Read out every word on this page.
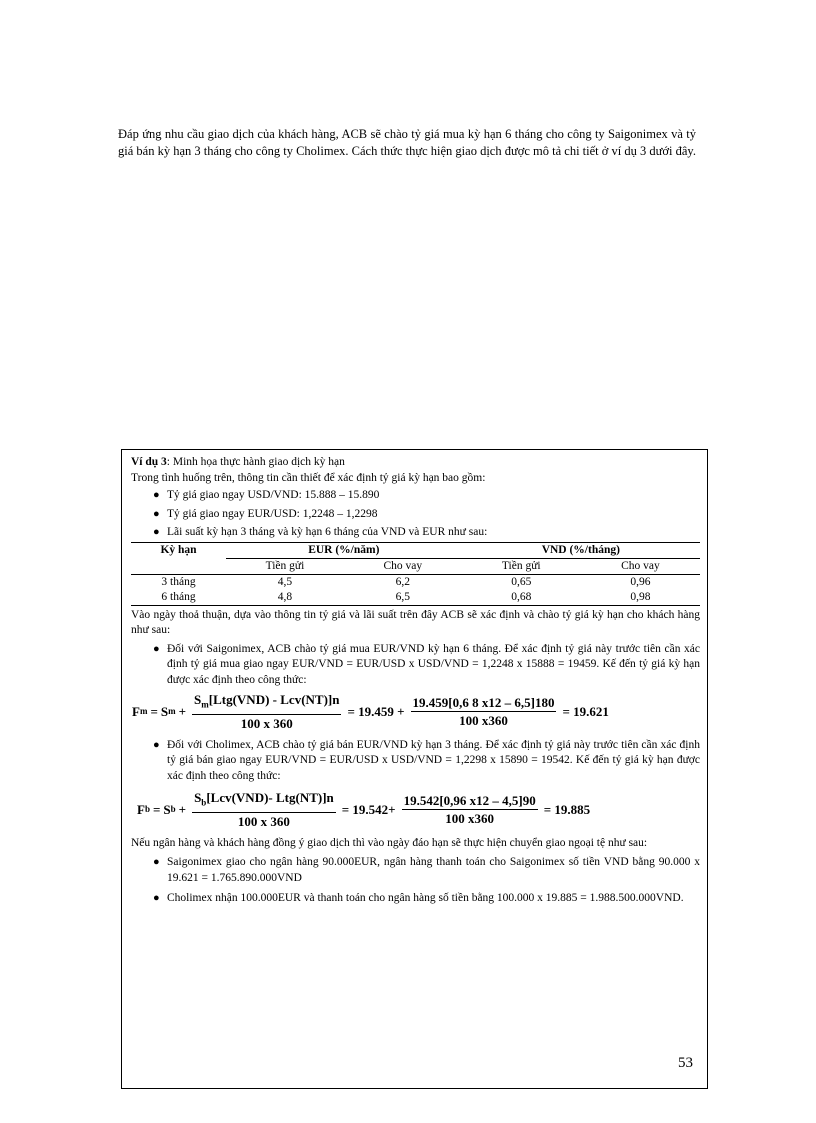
Đáp ứng nhu cầu giao dịch của khách hàng, ACB sẽ chào tỷ giá mua kỳ hạn 6 tháng cho công ty Saigonimex và tỷ giá bán kỳ hạn 3 tháng cho công ty Cholimex. Cách thức thực hiện giao dịch được mô tả chi tiết ở ví dụ 3 dưới đây.

Ví dụ 3: Minh họa thực hành giao dịch kỳ hạn

Trong tình huống trên, thông tin cần thiết để xác định tỷ giá kỳ hạn bao gồm:

● Tỷ giá giao ngay USD/VND: 15.888 – 15.890

● Tỷ giá giao ngay EUR/USD: 1,2248 – 1,2298

● Lãi suất kỳ hạn 3 tháng và kỳ hạn 6 tháng của VND và EUR như sau:

Kỳ hạn	EUR (%/năm)		VND (%/tháng)	
	Tiền gửi	Cho vay	Tiền gửi	Cho vay
3 tháng	4,5	6,2	0,65	0,96
6 tháng	4,8	6,5	0,68	0,98

Vào ngày thoả thuận, dựa vào thông tin tỷ giá và lãi suất trên đây ACB sẽ xác định và chào tỷ giá kỳ hạn cho khách hàng như sau:

● Đối với Saigonimex, ACB chào tỷ giá mua EUR/VND kỳ hạn 6 tháng. Để xác định tỷ giá này trước tiên cần xác định tỷ giá mua giao ngay EUR/VND = EUR/USD x USD/VND = 1,2248 x 15888 = 19459. Kế đến tỷ giá kỳ hạn được xác định theo công thức:

F m = S $m + \frac{S_m[Ltg(VND) - Lcv(NT)]n}{100 x 360} = 19.459 + \frac{19.459[0,6 8 x12 - 6,5]180}{100 x360} = 19.621$

● Đối với Cholimex, ACB chào tỷ giá bán EUR/VND kỳ hạn 3 tháng. Để xác định tỷ giá này trước tiên cần xác định tỷ giá bán giao ngay EUR/VND = EUR/USD x USD/VND = 1,2298 x 15890 = 19542. Kế đến tỷ giá kỳ hạn được xác định theo công thức:

F b = S $b + \frac{S_b[Lcv(VND)- Ltg(NT)]n}{100 x 360} = 19.542+ \frac{19.542[0,96 x12 - 4,5]90}{100 x360} = 19.885$

Nếu ngân hàng và khách hàng đồng ý giao dịch thì vào ngày đáo hạn sẽ thực hiện chuyển giao ngoại tệ như sau:

● Saigonimex giao cho ngân hàng 90.000EUR, ngân hàng thanh toán cho Saigonimex số tiền VND bằng 90.000 x 19.621 = 1.765.890.000VND

● Cholimex nhận 100.000EUR và thanh toán cho ngân hàng số tiền bằng 100.000 x 19.885 = 1.988.500.000VND.

53
